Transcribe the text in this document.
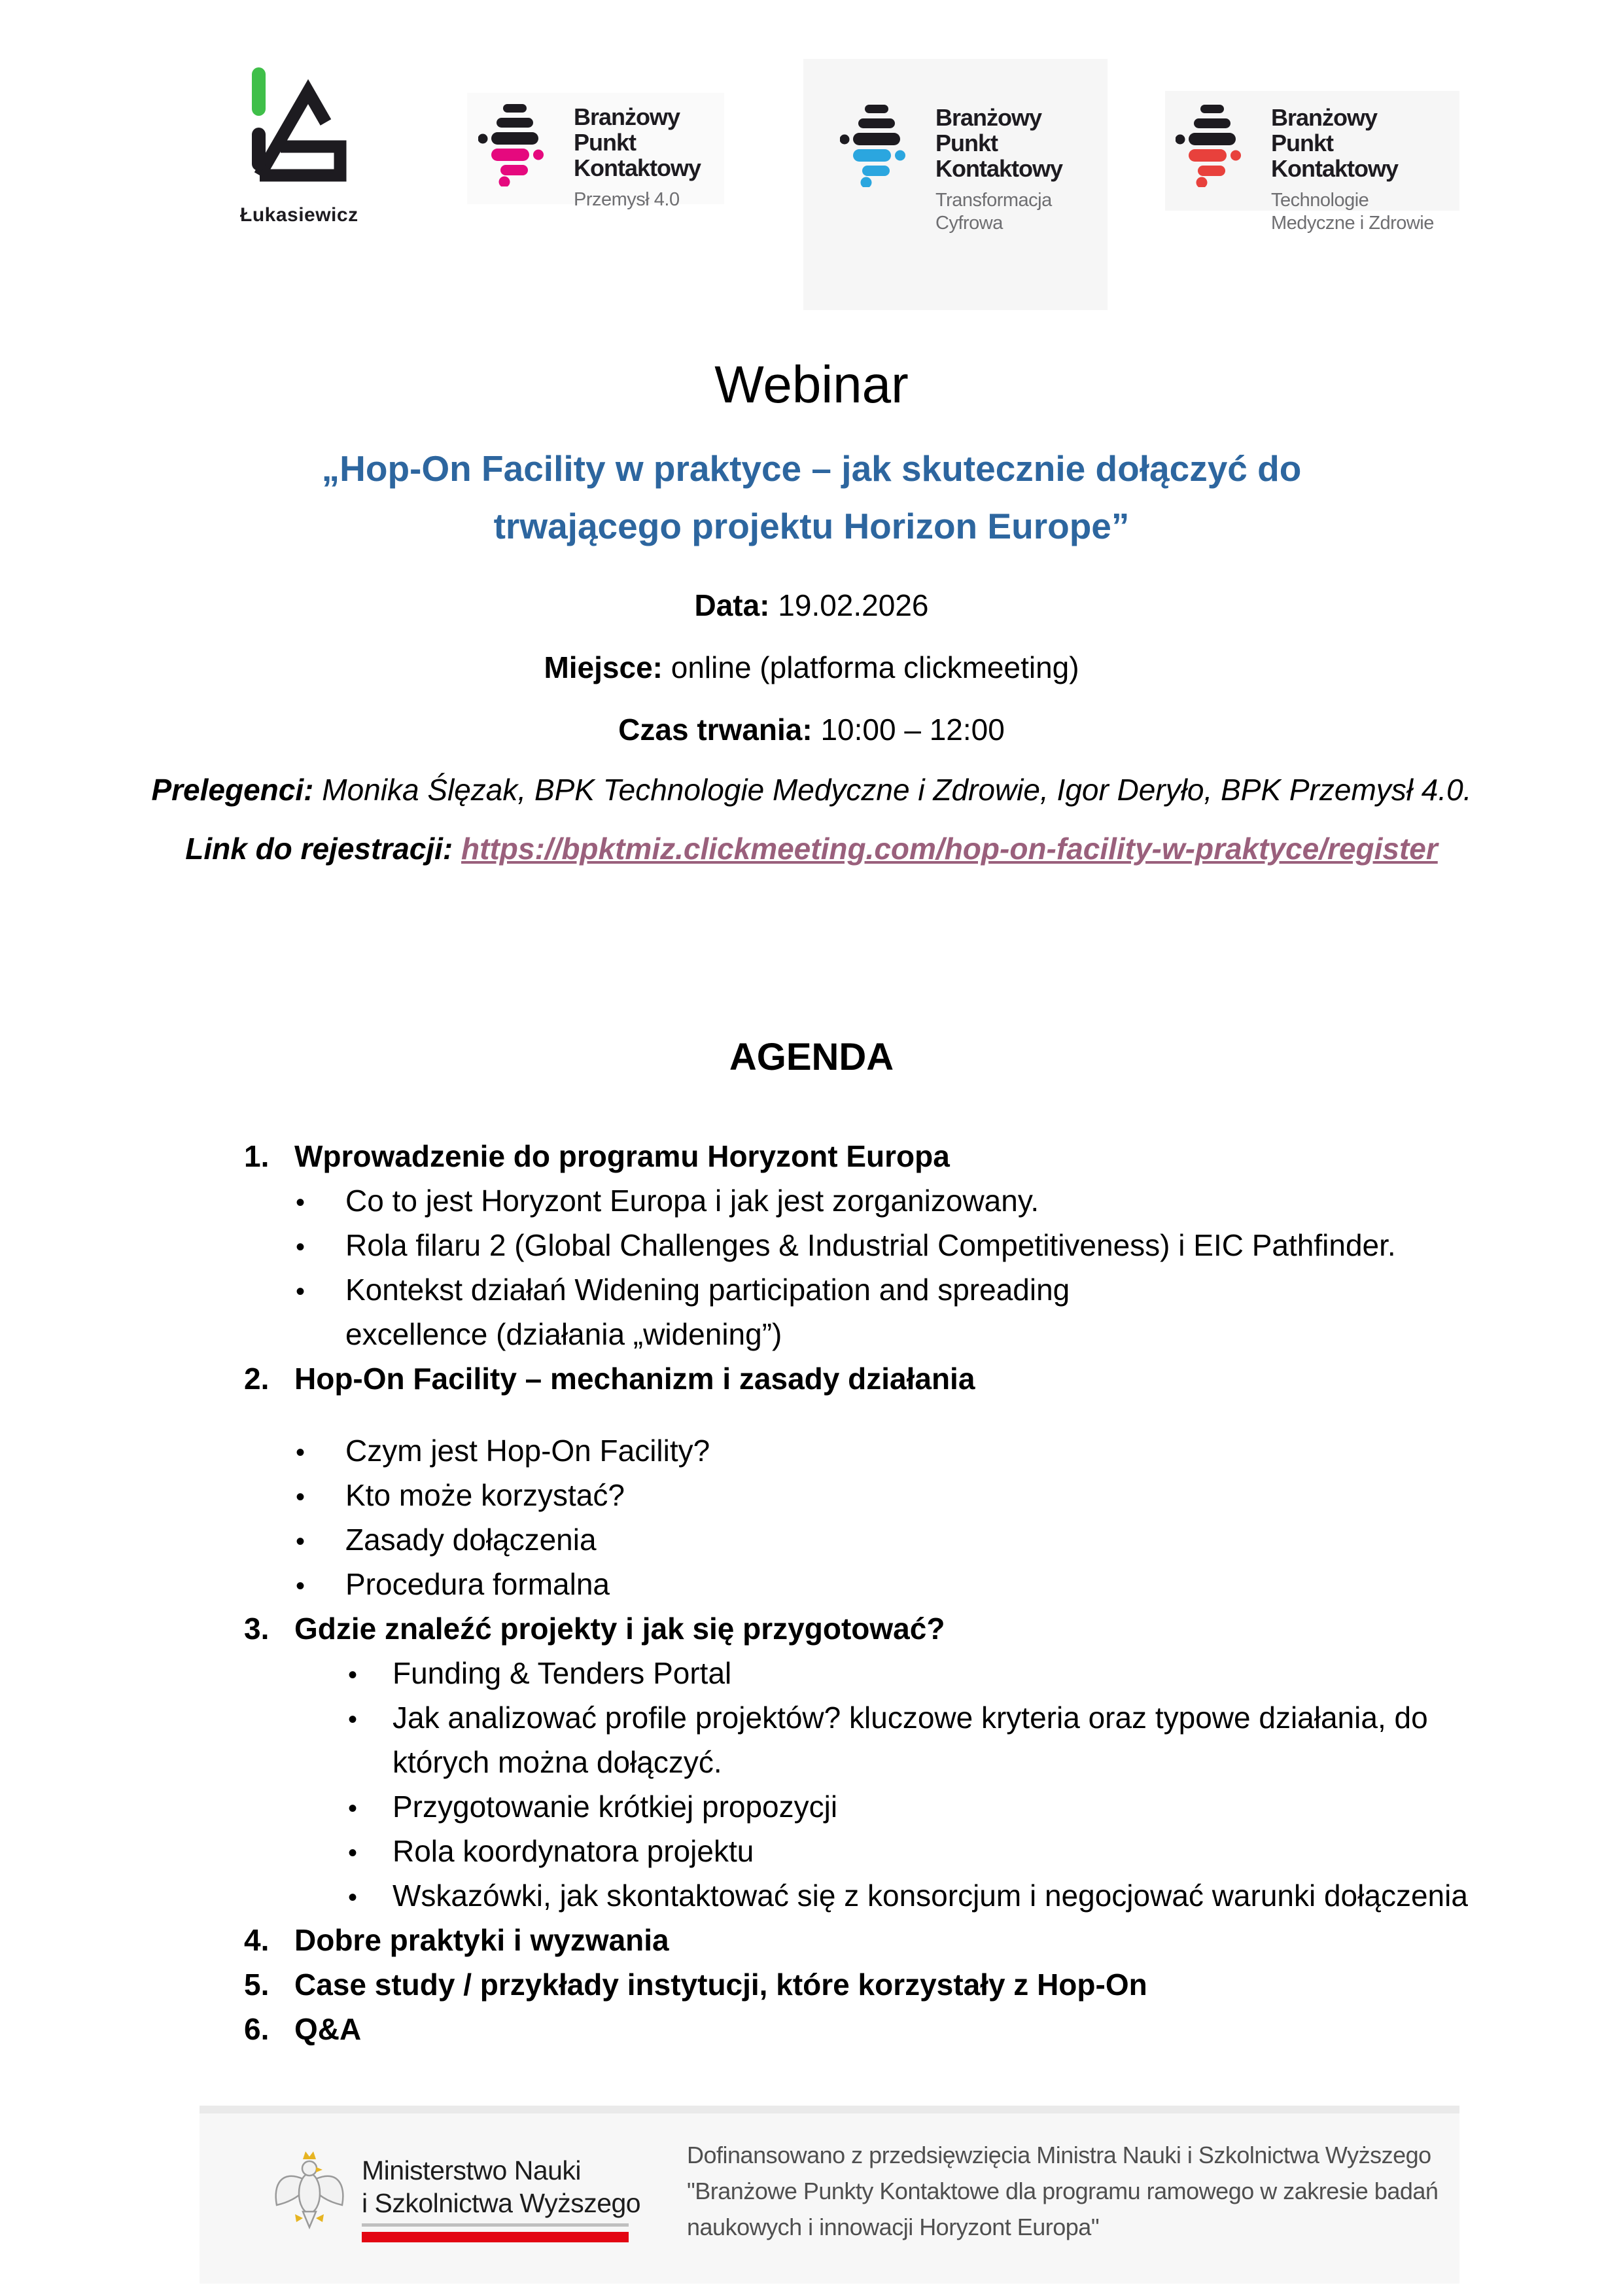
Łukasiewicz
Branżowy
Punkt
Kontaktowy
Przemysł 4.0
Branżowy
Punkt
Kontaktowy
Transformacja
Cyfrowa
Branżowy
Punkt
Kontaktowy
Technologie
Medyczne i Zdrowie
Webinar
„Hop-On Facility w praktyce – jak skutecznie dołączyć do
trwającego projektu Horizon Europe”

Data: 19.02.2026

Miejsce: online (platforma clickmeeting)

Czas trwania: 10:00 – 12:00

Prelegenci: Monika Ślęzak, BPK Technologie Medyczne i Zdrowie, Igor Deryło, BPK Przemysł 4.0.

Link do rejestracji: https://bpktmiz.clickmeeting.com/hop-on-facility-w-praktyce/register

AGENDA
1. Wprowadzenie do programu Horyzont Europa
• Co to jest Horyzont Europa i jak jest zorganizowany.
• Rola filaru 2 (Global Challenges & Industrial Competitiveness) i EIC Pathfinder.
• Kontekst działań Widening participation and spreading
excellence (działania „widening”)
2. Hop-On Facility – mechanizm i zasady działania
• Czym jest Hop-On Facility?
• Kto może korzystać?
• Zasady dołączenia
• Procedura formalna
3. Gdzie znaleźć projekty i jak się przygotować?
• Funding & Tenders Portal
• Jak analizować profile projektów? kluczowe kryteria oraz typowe działania, do
których można dołączyć.
• Przygotowanie krótkiej propozycji
• Rola koordynatora projektu
• Wskazówki, jak skontaktować się z konsorcjum i negocjować warunki dołączenia
4. Dobre praktyki i wyzwania
5. Case study / przykłady instytucji, które korzystały z Hop-On
6. Q&A
Ministerstwo Nauki
i Szkolnictwa Wyższego
Dofinansowano z przedsięwzięcia Ministra Nauki i Szkolnictwa Wyższego
"Branżowe Punkty Kontaktowe dla programu ramowego w zakresie badań
naukowych i innowacji Horyzont Europa"
